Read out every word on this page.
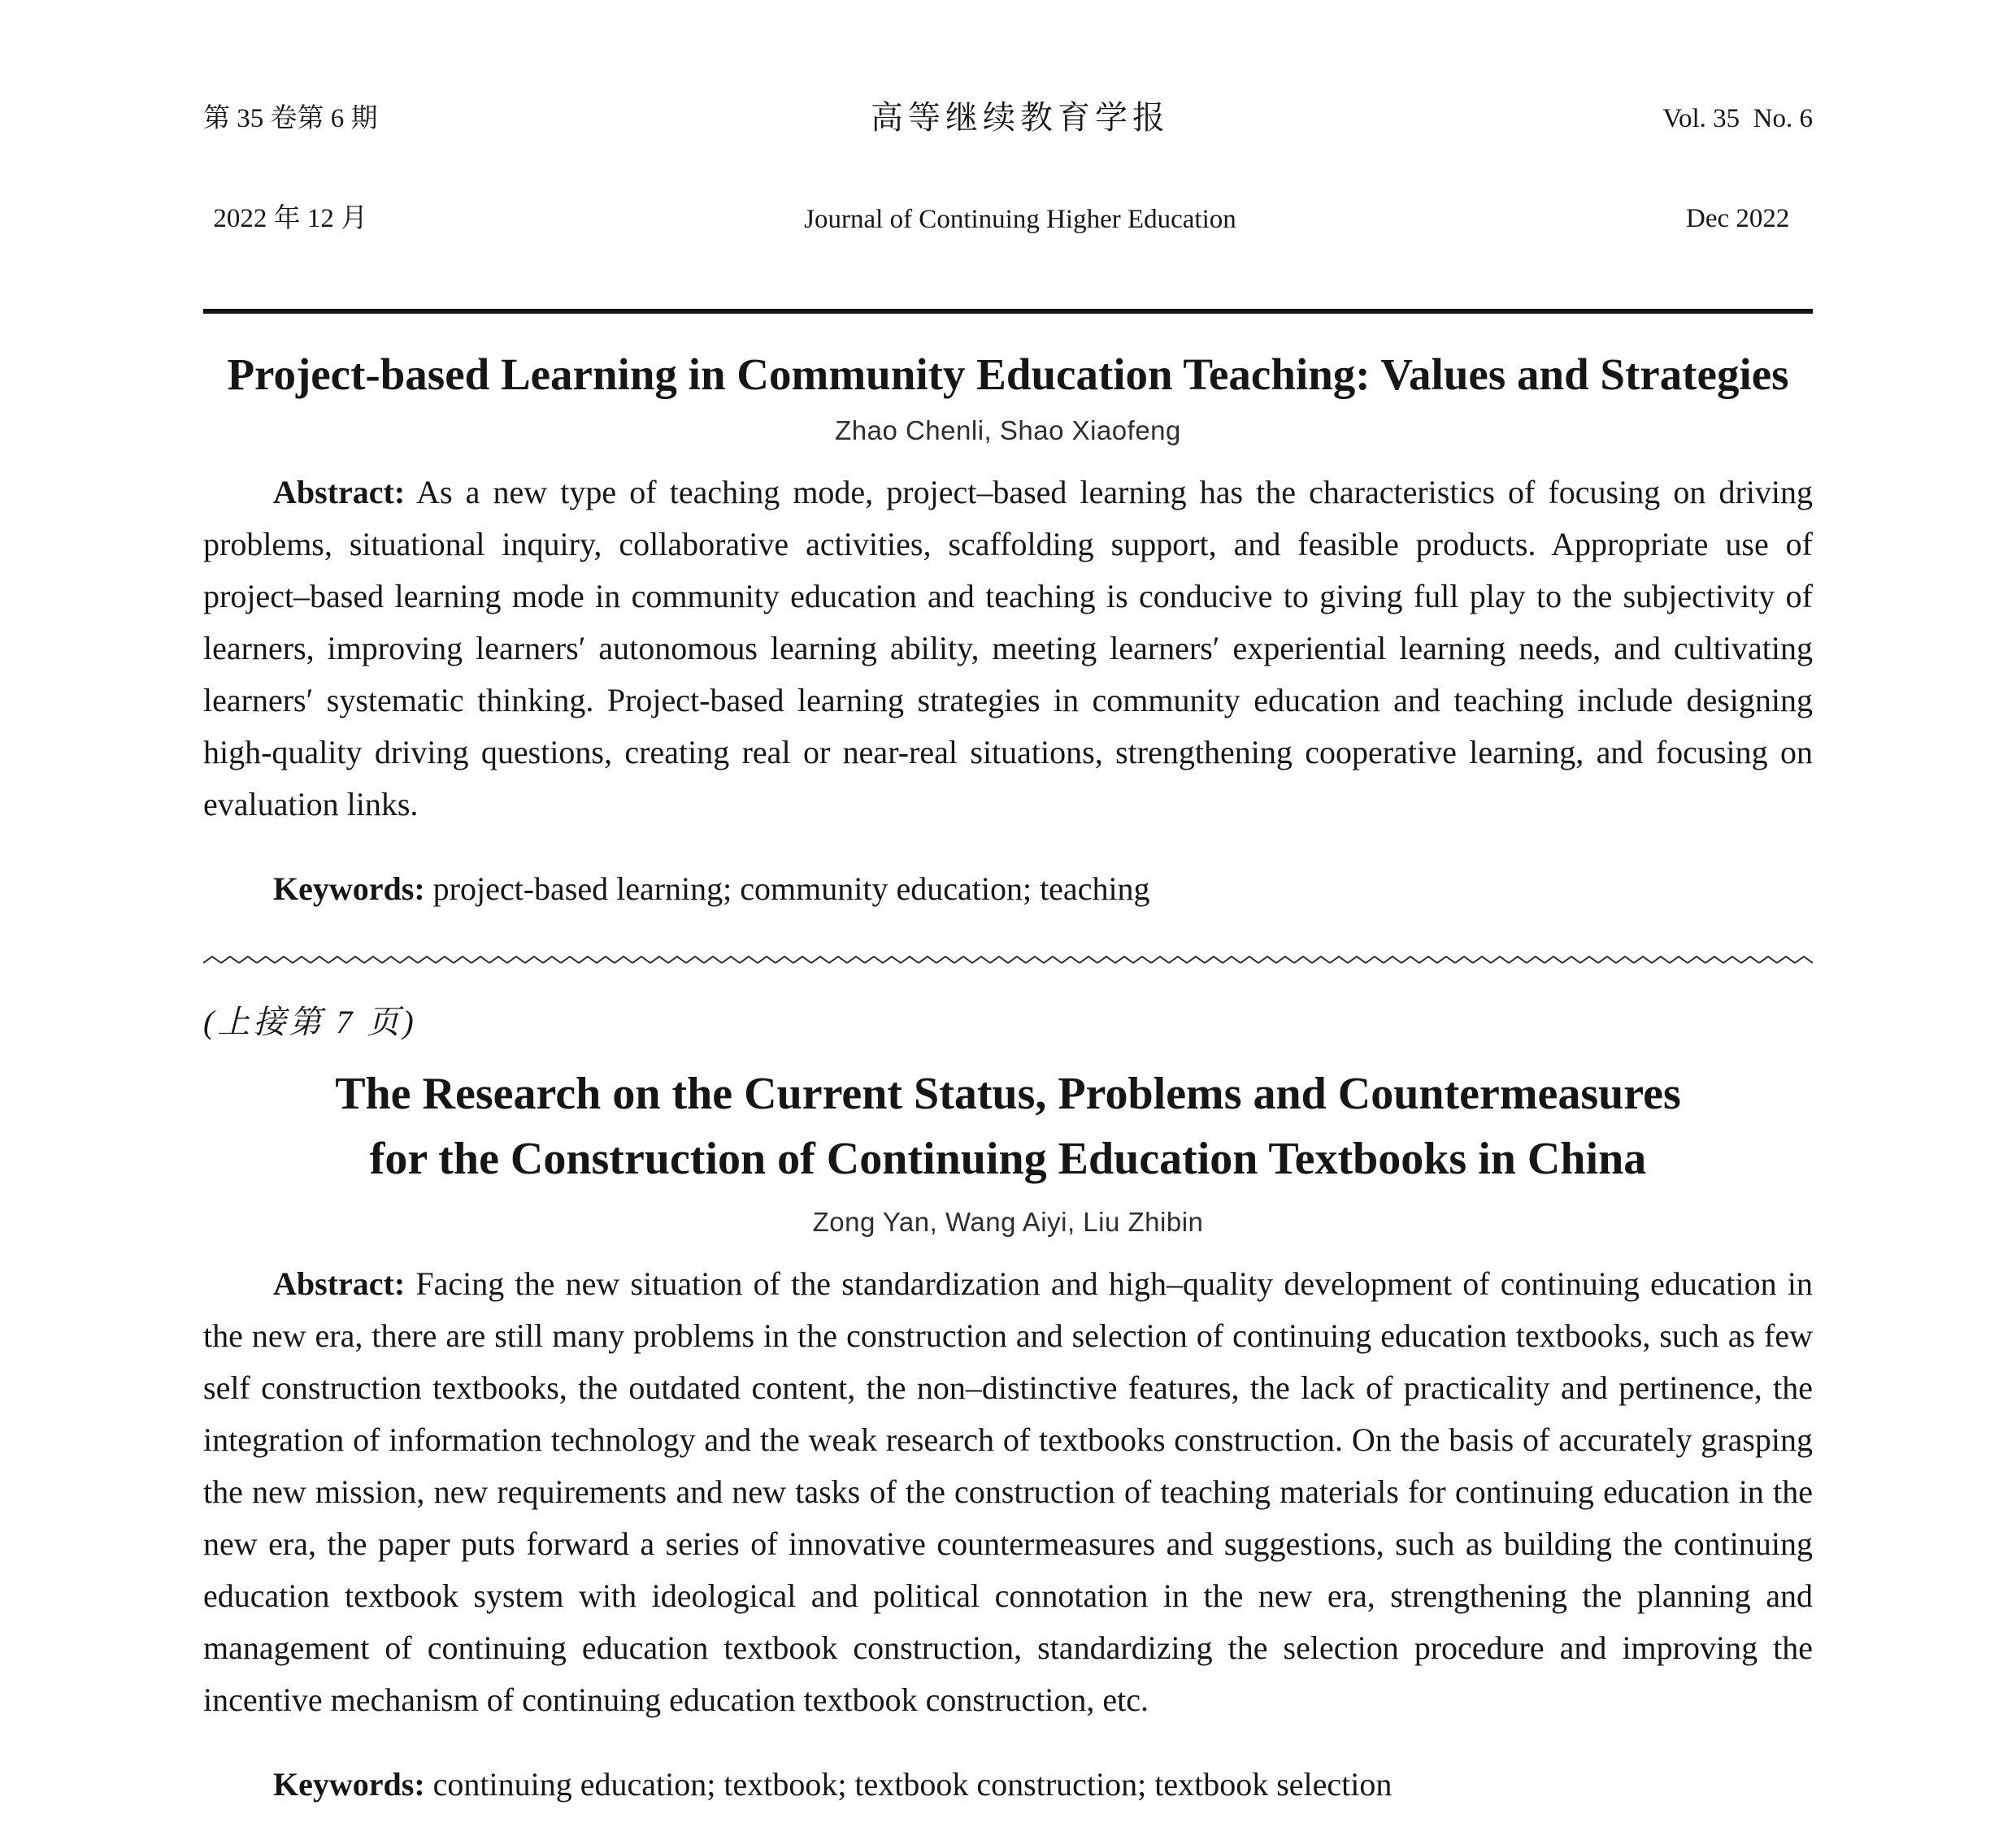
第 35 卷第 6 期

2022 年 12 月

高等继续教育学报

Journal of Continuing Higher Education

Vol. 35  No. 6

Dec 2022

Project-based Learning in Community Education Teaching: Values and Strategies
Zhao Chenli, Shao Xiaofeng

Abstract: As a new type of teaching mode, project–based learning has the characteristics of focusing on driving problems, situational inquiry, collaborative activities, scaffolding support, and feasible products. Appropriate use of project–based learning mode in community education and teaching is conducive to giving full play to the subjectivity of learners, improving learners′ autonomous learning ability, meeting learners′ experiential learning needs, and cultivating learners′ systematic thinking. Project-based learning strategies in community education and teaching include designing high-quality driving questions, creating real or near-real situations, strengthening cooperative learning, and focusing on evaluation links.

Keywords: project-based learning; community education; teaching

(上接第 7 页)
The Research on the Current Status, Problems and Countermeasures
for the Construction of Continuing Education Textbooks in China
Zong Yan, Wang Aiyi, Liu Zhibin

Abstract: Facing the new situation of the standardization and high–quality development of continuing education in the new era, there are still many problems in the construction and selection of continuing education textbooks, such as few self construction textbooks, the outdated content, the non–distinctive features, the lack of practicality and pertinence, the integration of information technology and the weak research of textbooks construction. On the basis of accurately grasping the new mission, new requirements and new tasks of the construction of teaching materials for continuing education in the new era, the paper puts forward a series of innovative countermeasures and suggestions, such as building the continuing education textbook system with ideological and political connotation in the new era, strengthening the planning and management of continuing education textbook construction, standardizing the selection procedure and improving the incentive mechanism of continuing education textbook construction, etc.

Keywords: continuing education; textbook; textbook construction; textbook selection
